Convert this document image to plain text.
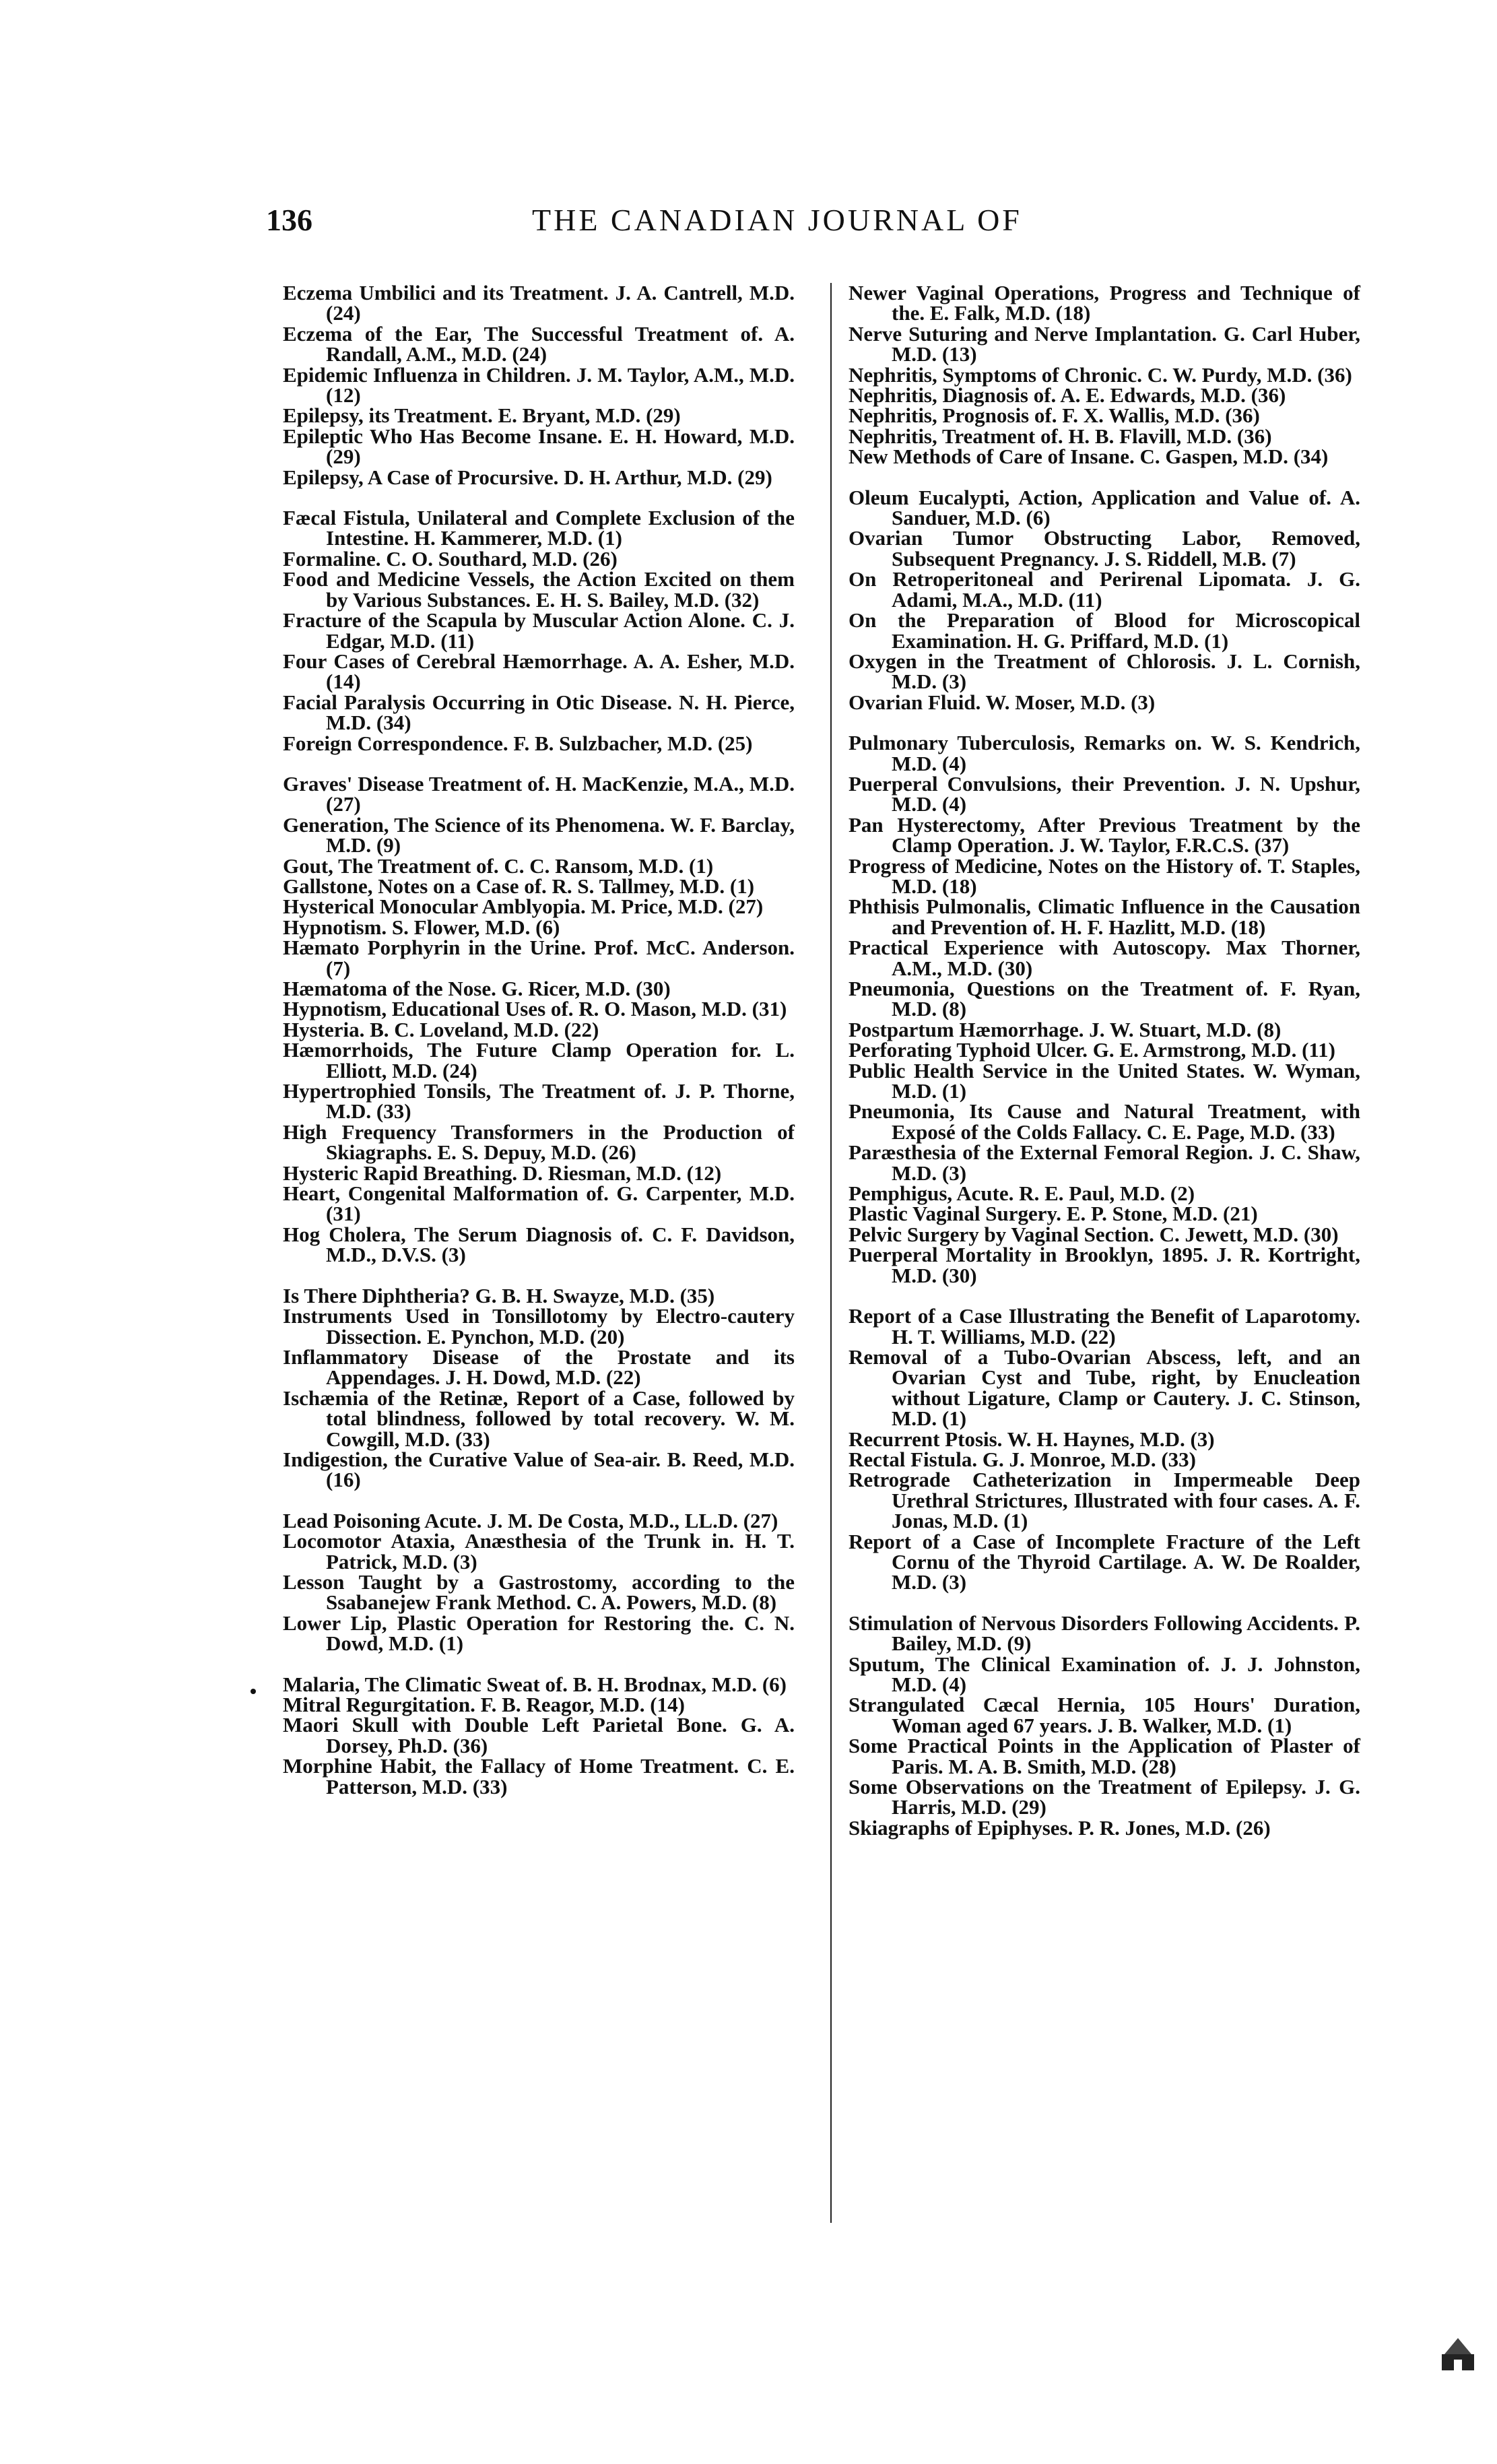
136	THE CANADIAN JOURNAL OF
Eczema Umbilici and its Treatment. J. A. Cantrell, M.D. (24)
Eczema of the Ear, The Successful Treatment of. A. Randall, A.M., M.D. (24)
Epidemic Influenza in Children. J. M. Taylor, A.M., M.D. (12)
Epilepsy, its Treatment. E. Bryant, M.D. (29)
Epileptic Who Has Become Insane. E. H. Howard, M.D. (29)
Epilepsy, A Case of Procursive. D. H. Arthur, M.D. (29)
Fæcal Fistula, Unilateral and Complete Exclusion of the Intestine. H. Kammerer, M.D. (1)
Formaline. C. O. Southard, M.D. (26)
Food and Medicine Vessels, the Action Excited on them by Various Substances. E. H. S. Bailey, M.D. (32)
Fracture of the Scapula by Muscular Action Alone. C. J. Edgar, M.D. (11)
Four Cases of Cerebral Hæmorrhage. A. A. Esher, M.D. (14)
Facial Paralysis Occurring in Otic Disease. N. H. Pierce, M.D. (34)
Foreign Correspondence. F. B. Sulzbacher, M.D. (25)
Graves' Disease Treatment of. H. MacKenzie, M.A., M.D. (27)
Generation, The Science of its Phenomena. W. F. Barclay, M.D. (9)
Gout, The Treatment of. C. C. Ransom, M.D. (1)
Gallstone, Notes on a Case of. R. S. Tallmey, M.D. (1)
Hysterical Monocular Amblyopia. M. Price, M.D. (27)
Hypnotism. S. Flower, M.D. (6)
Hæmato Porphyrin in the Urine. Prof. McC. Anderson. (7)
Hæmatoma of the Nose. G. Ricer, M.D. (30)
Hypnotism, Educational Uses of. R. O. Mason, M.D. (31)
Hysteria. B. C. Loveland, M.D. (22)
Hæmorrhoids, The Future Clamp Operation for. L. Elliott, M.D. (24)
Hypertrophied Tonsils, The Treatment of. J. P. Thorne, M.D. (33)
High Frequency Transformers in the Production of Skiagraphs. E. S. Depuy, M.D. (26)
Hysteric Rapid Breathing. D. Riesman, M.D. (12)
Heart, Congenital Malformation of. G. Carpenter, M.D. (31)
Hog Cholera, The Serum Diagnosis of. C. F. Davidson, M.D., D.V.S. (3)
Is There Diphtheria? G. B. H. Swayze, M.D. (35)
Instruments Used in Tonsillotomy by Electro-cautery Dissection. E. Pynchon, M.D. (20)
Inflammatory Disease of the Prostate and its Appendages. J. H. Dowd, M.D. (22)
Ischæmia of the Retinæ, Report of a Case, followed by total blindness, followed by total recovery. W. M. Cowgill, M.D. (33)
Indigestion, the Curative Value of Sea-air. B. Reed, M.D. (16)
Lead Poisoning Acute. J. M. De Costa, M.D., LL.D. (27)
Locomotor Ataxia, Anæsthesia of the Trunk in. H. T. Patrick, M.D. (3)
Lesson Taught by a Gastrostomy, according to the Ssabanejew Frank Method. C. A. Powers, M.D. (8)
Lower Lip, Plastic Operation for Restoring the. C. N. Dowd, M.D. (1)
Malaria, The Climatic Sweat of. B. H. Brodnax, M.D. (6)
Mitral Regurgitation. F. B. Reagor, M.D. (14)
Maori Skull with Double Left Parietal Bone. G. A. Dorsey, Ph.D. (36)
Morphine Habit, the Fallacy of Home Treatment. C. E. Patterson, M.D. (33)
Newer Vaginal Operations, Progress and Technique of the. E. Falk, M.D. (18)
Nerve Suturing and Nerve Implantation. G. Carl Huber, M.D. (13)
Nephritis, Symptoms of Chronic. C. W. Purdy, M.D. (36)
Nephritis, Diagnosis of. A. E. Edwards, M.D. (36)
Nephritis, Prognosis of. F. X. Wallis, M.D. (36)
Nephritis, Treatment of. H. B. Flavill, M.D. (36)
New Methods of Care of Insane. C. Gaspen, M.D. (34)
Oleum Eucalypti, Action, Application and Value of. A. Sanduer, M.D. (6)
Ovarian Tumor Obstructing Labor, Removed, Subsequent Pregnancy. J. S. Riddell, M.B. (7)
On Retroperitoneal and Perirenal Lipomata. J. G. Adami, M.A., M.D. (11)
On the Preparation of Blood for Microscopical Examination. H. G. Priffard, M.D. (1)
Oxygen in the Treatment of Chlorosis. J. L. Cornish, M.D. (3)
Ovarian Fluid. W. Moser, M.D. (3)
Pulmonary Tuberculosis, Remarks on. W. S. Kendrich, M.D. (4)
Puerperal Convulsions, their Prevention. J. N. Upshur, M.D. (4)
Pan Hysterectomy, After Previous Treatment by the Clamp Operation. J. W. Taylor, F.R.C.S. (37)
Progress of Medicine, Notes on the History of. T. Staples, M.D. (18)
Phthisis Pulmonalis, Climatic Influence in the Causation and Prevention of. H. F. Hazlitt, M.D. (18)
Practical Experience with Autoscopy. Max Thorner, A.M., M.D. (30)
Pneumonia, Questions on the Treatment of. F. Ryan, M.D. (8)
Postpartum Hæmorrhage. J. W. Stuart, M.D. (8)
Perforating Typhoid Ulcer. G. E. Armstrong, M.D. (11)
Public Health Service in the United States. W. Wyman, M.D. (1)
Pneumonia, Its Cause and Natural Treatment, with Exposé of the Colds Fallacy. C. E. Page, M.D. (33)
Paræsthesia of the External Femoral Region. J. C. Shaw, M.D. (3)
Pemphigus, Acute. R. E. Paul, M.D. (2)
Plastic Vaginal Surgery. E. P. Stone, M.D. (21)
Pelvic Surgery by Vaginal Section. C. Jewett, M.D. (30)
Puerperal Mortality in Brooklyn, 1895. J. R. Kortright, M.D. (30)
Report of a Case Illustrating the Benefit of Laparotomy. H. T. Williams, M.D. (22)
Removal of a Tubo-Ovarian Abscess, left, and an Ovarian Cyst and Tube, right, by Enucleation without Ligature, Clamp or Cautery. J. C. Stinson, M.D. (1)
Recurrent Ptosis. W. H. Haynes, M.D. (3)
Rectal Fistula. G. J. Monroe, M.D. (33)
Retrograde Catheterization in Impermeable Deep Urethral Strictures, Illustrated with four cases. A. F. Jonas, M.D. (1)
Report of a Case of Incomplete Fracture of the Left Cornu of the Thyroid Cartilage. A. W. De Roalder, M.D. (3)
Stimulation of Nervous Disorders Following Accidents. P. Bailey, M.D. (9)
Sputum, The Clinical Examination of. J. J. Johnston, M.D. (4)
Strangulated Cæcal Hernia, 105 Hours' Duration, Woman aged 67 years. J. B. Walker, M.D. (1)
Some Practical Points in the Application of Plaster of Paris. M. A. B. Smith, M.D. (28)
Some Observations on the Treatment of Epilepsy. J. G. Harris, M.D. (29)
Skiagraphs of Epiphyses. P. R. Jones, M.D. (26)
